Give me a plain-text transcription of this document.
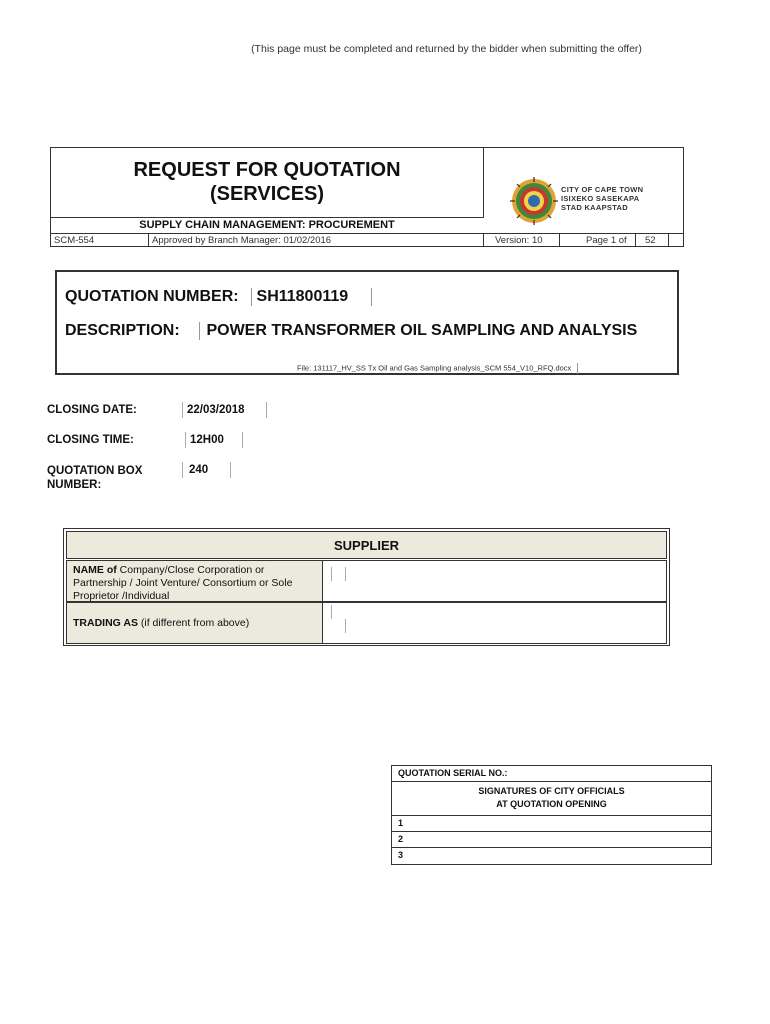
(This page must be completed and returned by the bidder when submitting the offer)
REQUEST FOR QUOTATION
(SERVICES)
SUPPLY CHAIN MANAGEMENT: PROCUREMENT
SCM-554	Approved by Branch Manager: 01/02/2016	Version: 10	Page 1 of	52
CITY OF CAPE TOWN
ISIXEKO SASEKAPA
STAD KAAPSTAD
QUOTATION NUMBER: SH11800119
DESCRIPTION:	POWER TRANSFORMER OIL SAMPLING AND ANALYSIS
File: 131117_HV_SS Tx Oil and Gas Sampling analysis_SCM 554_V10_RFQ.docx
CLOSING DATE:	22/03/2018
CLOSING TIME:	12H00
QUOTATION BOX
NUMBER:
240
SUPPLIER
NAME of Company/Close Corporation or Partnership / Joint Venture/ Consortium or Sole Proprietor /Individual
TRADING AS (if different from above)
QUOTATION SERIAL NO.:
SIGNATURES OF CITY OFFICIALS
AT QUOTATION OPENING
1
2
3
